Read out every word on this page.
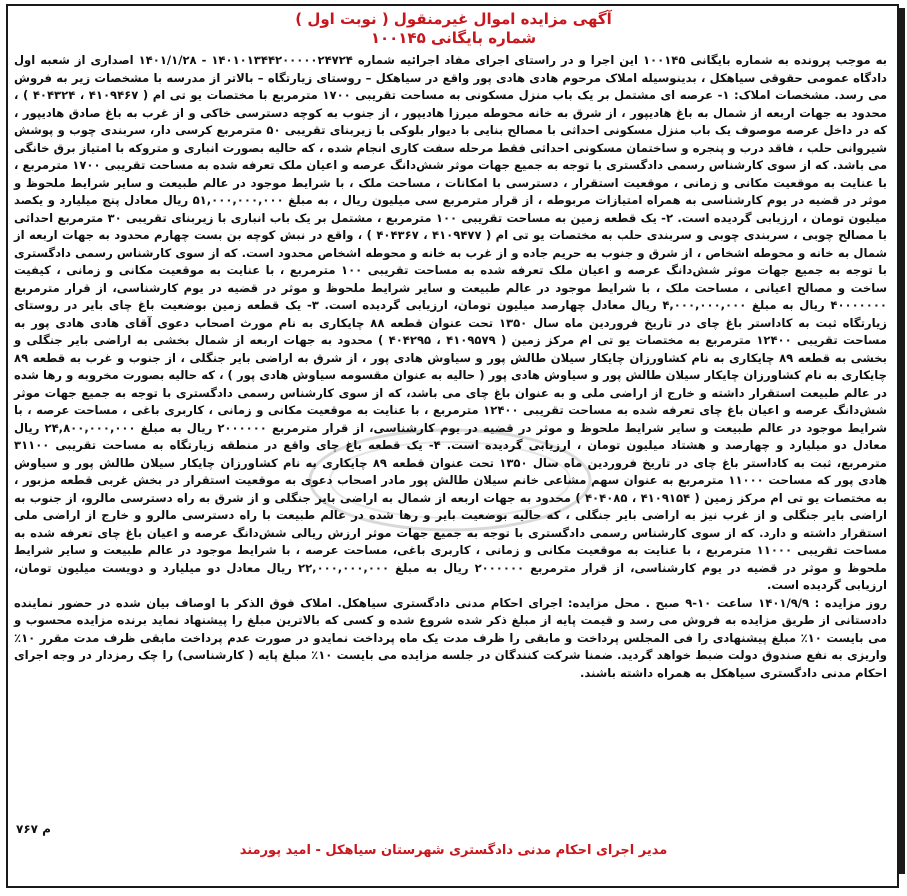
آگهی مزایده اموال غیرمنقول ( نوبت اول )
شماره بایگانی ۱۰۰۱۴۵

به موجب پرونده به شماره بایگانی ۱۰۰۱۴۵ این اجرا و در راستای اجرای مفاد اجرائیه شماره ۱۴۰۱۰۱۳۴۴۲۰۰۰۰۰۲۴۷۲۴ - ۱۴۰۱/۱/۲۸ اصداری از شعبه اول دادگاه عمومی حقوقی سیاهکل ، بدینوسیله املاک مرحوم هادی هادی پور واقع در سیاهکل – روستای زیارتگاه – بالاتر از مدرسه با مشخصات زیر به فروش می رسد. مشخصات املاک: ۱- عرصه ای مشتمل بر یک باب منزل مسکونی به مساحت تقریبی ۱۷۰۰ مترمربع با مختصات یو تی ام ( ۴۱۰۹۴۶۷ ، ۴۰۴۳۲۴ ) ، محدود به جهات اربعه از شمال به باغ هادیپور ، از شرق به خانه محوطه میرزا هادیپور ، از جنوب به کوچه دسترسی خاکی و از غرب به باغ صادق هادیپور ، که در داخل عرصه موصوف یک باب منزل مسکونی احداثی با مصالح بنایی با دیوار بلوکی با زیربنای تقریبی ۵۰ مترمربع کرسی دار، سربندی چوب و پوشش شیروانی حلب ، فاقد درب و پنجره و ساختمان مسکونی احداثی فقط مرحله سفت کاری انجام شده ، که حالیه بصورت انباری و متروکه با امتیاز برق خانگی می باشد. که از سوی کارشناس رسمی دادگستری با توجه به جمیع جهات موثر شش‌دانگ عرصه و اعیان ملک تعرفه شده به مساحت تقریبی ۱۷۰۰ مترمربع ، با عنایت به موقعیت مکانی و زمانی ، موقعیت استقرار ، دسترسی با امکانات ، مساحت ملک ، با شرایط موجود در عالم طبیعت و سایر شرایط ملحوظ و موثر در قضیه در یوم کارشناسی به همراه امتیازات مربوطه ، از قرار مترمربع سی میلیون ریال ، به مبلغ ۵۱,۰۰۰,۰۰۰,۰۰۰ ریال معادل پنج میلیارد و یکصد میلیون تومان ، ارزیابی گردیده است. ۲- یک قطعه زمین به مساحت تقریبی ۱۰۰ مترمربع ، مشتمل بر یک باب انباری با زیربنای تقریبی ۳۰ مترمربع احداثی با مصالح چوبی ، سربندی چوبی و سربندی حلب به مختصات یو تی ام ( ۴۱۰۹۴۷۷ ، ۴۰۴۳۶۷ ) ، واقع در نبش کوچه بن بست چهارم محدود به جهات اربعه از شمال به خانه و محوطه اشخاص ، از شرق و جنوب به حریم جاده و از غرب به خانه و محوطه اشخاص محدود است. که از سوی کارشناس رسمی دادگستری با توجه به جمیع جهات موثر شش‌دانگ عرصه و اعیان ملک تعرفه شده به مساحت تقریبی ۱۰۰ مترمربع ، با عنایت به موقعیت مکانی و زمانی ، کیفیت ساخت و مصالح اعیانی ، مساحت ملک ، با شرایط موجود در عالم طبیعت و سایر شرایط ملحوظ و موثر در قضیه در یوم کارشناسی، از قرار مترمربع ۴۰۰۰۰۰۰۰ ریال به مبلغ ۴,۰۰۰,۰۰۰,۰۰۰ ریال معادل چهارصد میلیون تومان، ارزیابی گردیده است. ۳- یک قطعه زمین بوضعیت باغ چای بایر در روستای زیارتگاه ثبت به کاداستر باغ چای در تاریخ فروردین ماه سال ۱۳۵۰ تحت عنوان قطعه ۸۸ چایکاری به نام مورث اصحاب دعوی آقای هادی هادی پور به مساحت تقریبی ۱۲۴۰۰ مترمربع به مختصات یو تی ام مرکز زمین ( ۴۱۰۹۵۷۹ ، ۴۰۴۲۹۵ ) محدود به جهات اربعه از شمال بخشی به اراضی بایر جنگلی و بخشی به قطعه ۸۹ چایکاری به نام کشاورزان چایکار سیلان طالش پور و سیاوش هادی پور ، از شرق به اراضی بایر جنگلی ، از جنوب و غرب به قطعه ۸۹ چایکاری به نام کشاورزان چایکار سیلان طالش پور و سیاوش هادی پور ( حالیه به عنوان مقسومه سیاوش هادی پور ) ، که حالیه بصورت مخروبه و رها شده در عالم طبیعت استقرار داشته و خارج از اراضی ملی و به عنوان باغ چای می باشد، که از سوی کارشناس رسمی دادگستری با توجه به جمیع جهات موثر شش‌دانگ عرصه و اعیان باغ چای تعرفه شده به مساحت تقریبی ۱۲۴۰۰ مترمربع ، با عنایت به موقعیت مکانی و زمانی ، کاربری باغی ، مساحت عرصه ، با شرایط موجود در عالم طبیعت و سایر شرایط ملحوظ و موثر در قضیه در یوم کارشناسی، از قرار مترمربع ۲۰۰۰۰۰۰ ریال به مبلغ ۲۴,۸۰۰,۰۰۰,۰۰۰ ریال معادل دو میلیارد و چهارصد و هشتاد میلیون تومان ، ارزیابی گردیده است. ۴- یک قطعه باغ چای واقع در منطقه زیارتگاه به مساحت تقریبی ۳۱۱۰۰ مترمربع، ثبت به کاداستر باغ چای در تاریخ فروردین ماه سال ۱۳۵۰ تحت عنوان قطعه ۸۹ چایکاری به نام کشاورزان چایکار سیلان طالش پور و سیاوش هادی پور که مساحت ۱۱۰۰۰ مترمربع به عنوان سهم مشاعی خانم سیلان طالش پور مادر اصحاب دعوی به موقعیت استقرار در بخش غربی قطعه مزبور ، به مختصات یو تی ام مرکز زمین ( ۴۱۰۹۱۵۴ ، ۴۰۴۰۸۵ ) محدود به جهات اربعه از شمال به اراضی بایر جنگلی و از شرق به راه دسترسی مالرو، از جنوب به اراضی بایر جنگلی و از غرب نیز به اراضی بایر جنگلی ، که حالیه بوضعیت بایر و رها شده در عالم طبیعت با راه دسترسی مالرو و خارج از اراضی ملی استقرار داشته و دارد. که از سوی کارشناس رسمی دادگستری با توجه به جمیع جهات موثر ارزش ریالی شش‌دانگ عرصه و اعیان باغ چای تعرفه شده به مساحت تقریبی ۱۱۰۰۰ مترمربع ، با عنایت به موقعیت مکانی و زمانی ، کاربری باغی، مساحت عرصه ، با شرایط موجود در عالم طبیعت و سایر شرایط ملحوظ و موثر در قضیه در یوم کارشناسی، از قرار مترمربع ۲۰۰۰۰۰۰ ریال به مبلغ ۲۲,۰۰۰,۰۰۰,۰۰۰ ریال معادل دو میلیارد و دویست میلیون تومان، ارزیابی گردیده است.

روز مزایده : ۱۴۰۱/۹/۹ ساعت ۱۰-۹ صبح . محل مزایده: اجرای احکام مدنی دادگستری سیاهکل. املاک فوق الذکر با اوصاف بیان شده در حضور نماینده دادستانی از طریق مزایده به فروش می رسد و قیمت پایه از مبلغ ذکر شده شروع شده و کسی که بالاترین مبلغ را پیشنهاد نماید برنده مزایده محسوب و می بایست ۱۰٪ مبلغ پیشنهادی را فی المجلس پرداخت و مابقی را ظرف مدت یک ماه پرداخت نمایدو در صورت عدم پرداخت مابقی ظرف مدت مقرر ۱۰٪ واریزی به نفع صندوق دولت ضبط خواهد گردید. ضمنا شرکت کنندگان در جلسه مزایده می بایست ۱۰٪ مبلغ پایه ( کارشناسی) را چک رمزدار در وجه اجرای احکام مدنی دادگستری سیاهکل به همراه داشته باشند.

م ۷۶۷
مدیر اجرای احکام مدنی دادگستری شهرستان سیاهکل - امید پورمند
